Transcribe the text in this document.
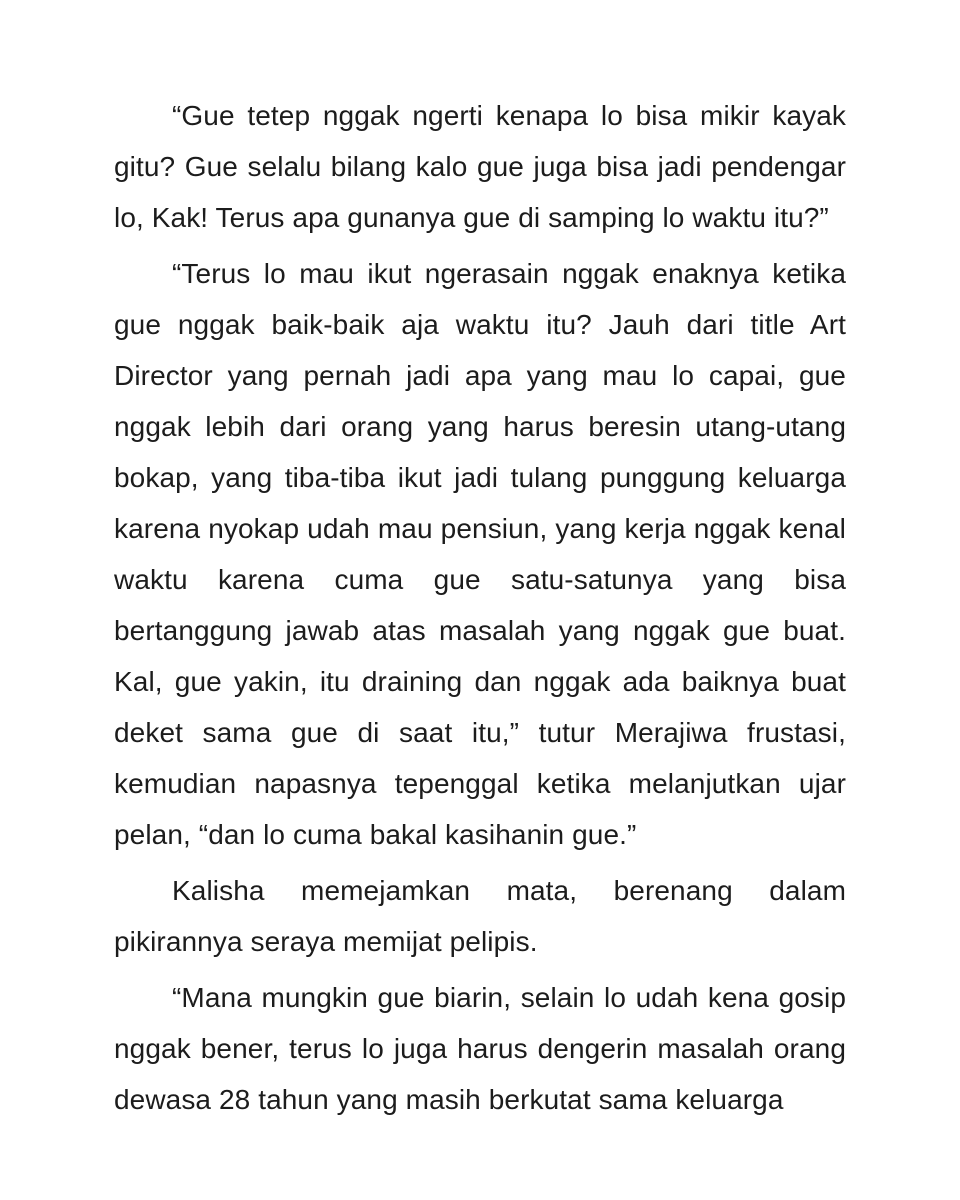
“Gue tetep nggak ngerti kenapa lo bisa mikir kayak gitu? Gue selalu bilang kalo gue juga bisa jadi pendengar lo, Kak! Terus apa gunanya gue di samping lo waktu itu?”

“Terus lo mau ikut ngerasain nggak enaknya ketika gue nggak baik-baik aja waktu itu? Jauh dari title Art Director yang pernah jadi apa yang mau lo capai, gue nggak lebih dari orang yang harus beresin utang-utang bokap, yang tiba-tiba ikut jadi tulang punggung keluarga karena nyokap udah mau pensiun, yang kerja nggak kenal waktu karena cuma gue satu-satunya yang bisa bertanggung jawab atas masalah yang nggak gue buat. Kal, gue yakin, itu draining dan nggak ada baiknya buat deket sama gue di saat itu,” tutur Merajiwa frustasi, kemudian napasnya tepenggal ketika melanjutkan ujar pelan, “dan lo cuma bakal kasihanin gue.”

Kalisha memejamkan mata, berenang dalam pikirannya seraya memijat pelipis.

“Mana mungkin gue biarin, selain lo udah kena gosip nggak bener, terus lo juga harus dengerin masalah orang dewasa 28 tahun yang masih berkutat sama keluarga
